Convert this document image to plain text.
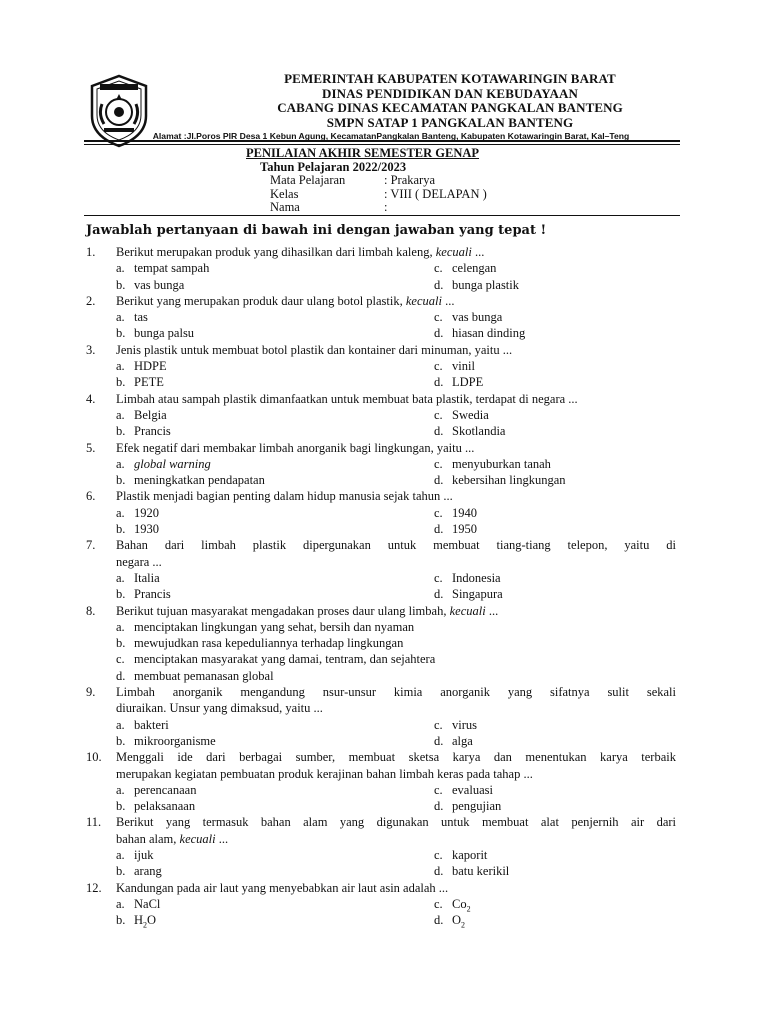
PEMERINTAH KABUPATEN KOTAWARINGIN BARAT
DINAS PENDIDIKAN DAN KEBUDAYAAN
CABANG DINAS KECAMATAN PANGKALAN BANTENG
SMPN SATAP 1 PANGKALAN BANTENG
Alamat :Jl.Poros PIR Desa 1 Kebun Agung, KecamatanPangkalan Banteng, Kabupaten Kotawaringin Barat, Kal–Teng
PENILAIAN AKHIR SEMESTER GENAP
Tahun Pelajaran 2022/2023
Mata Pelajaran	: Prakarya
Kelas	: VIII ( DELAPAN )
Nama	:
Jawablah pertanyaan di bawah ini dengan jawaban yang tepat !
1.	Berikut merupakan produk yang dihasilkan dari limbah kaleng, kecuali ...
a. tempat sampah	c. celengan
b. vas bunga	d. bunga plastik
2.	Berikut yang merupakan produk daur ulang botol plastik, kecuali ...
a. tas	c. vas bunga
b. bunga palsu	d. hiasan dinding
3.	Jenis plastik untuk membuat botol plastik dan kontainer dari minuman, yaitu ...
a. HDPE	c. vinil
b. PETE	d. LDPE
4.	Limbah atau sampah plastik dimanfaatkan untuk membuat bata plastik, terdapat di negara ...
a. Belgia	c. Swedia
b. Prancis	d. Skotlandia
5.	Efek negatif dari membakar limbah anorganik bagi lingkungan, yaitu ...
a. global warning	c. menyuburkan tanah
b. meningkatkan pendapatan	d. kebersihan lingkungan
6.	Plastik menjadi bagian penting dalam hidup manusia sejak tahun ...
a. 1920	c. 1940
b. 1930	d. 1950
7.	Bahan dari limbah plastik dipergunakan untuk membuat tiang-tiang telepon, yaitu di
negara ...
a. Italia	c. Indonesia
b. Prancis	d. Singapura
8.	Berikut tujuan masyarakat mengadakan proses daur ulang limbah, kecuali ...
a. menciptakan lingkungan yang sehat, bersih dan nyaman
b. mewujudkan rasa kepeduliannya terhadap lingkungan
c. menciptakan masyarakat yang damai, tentram, dan sejahtera
d. membuat pemanasan global
9.	Limbah anorganik mengandung nsur-unsur kimia anorganik yang sifatnya sulit sekali
diuraikan. Unsur yang dimaksud, yaitu ...
a. bakteri	c. virus
b. mikroorganisme	d. alga
10.	Menggali ide dari berbagai sumber, membuat sketsa karya dan menentukan karya terbaik
merupakan kegiatan pembuatan produk kerajinan bahan limbah keras pada tahap ...
a. perencanaan	c. evaluasi
b. pelaksanaan	d. pengujian
11.	Berikut yang termasuk bahan alam yang digunakan untuk membuat alat penjernih air dari
bahan alam, kecuali ...
a. ijuk	c. kaporit
b. arang	d. batu kerikil
12.	Kandungan pada air laut yang menyebabkan air laut asin adalah ...
a. NaCl	c. $Co_2$
b. $H_2O$	d. $O_2$
